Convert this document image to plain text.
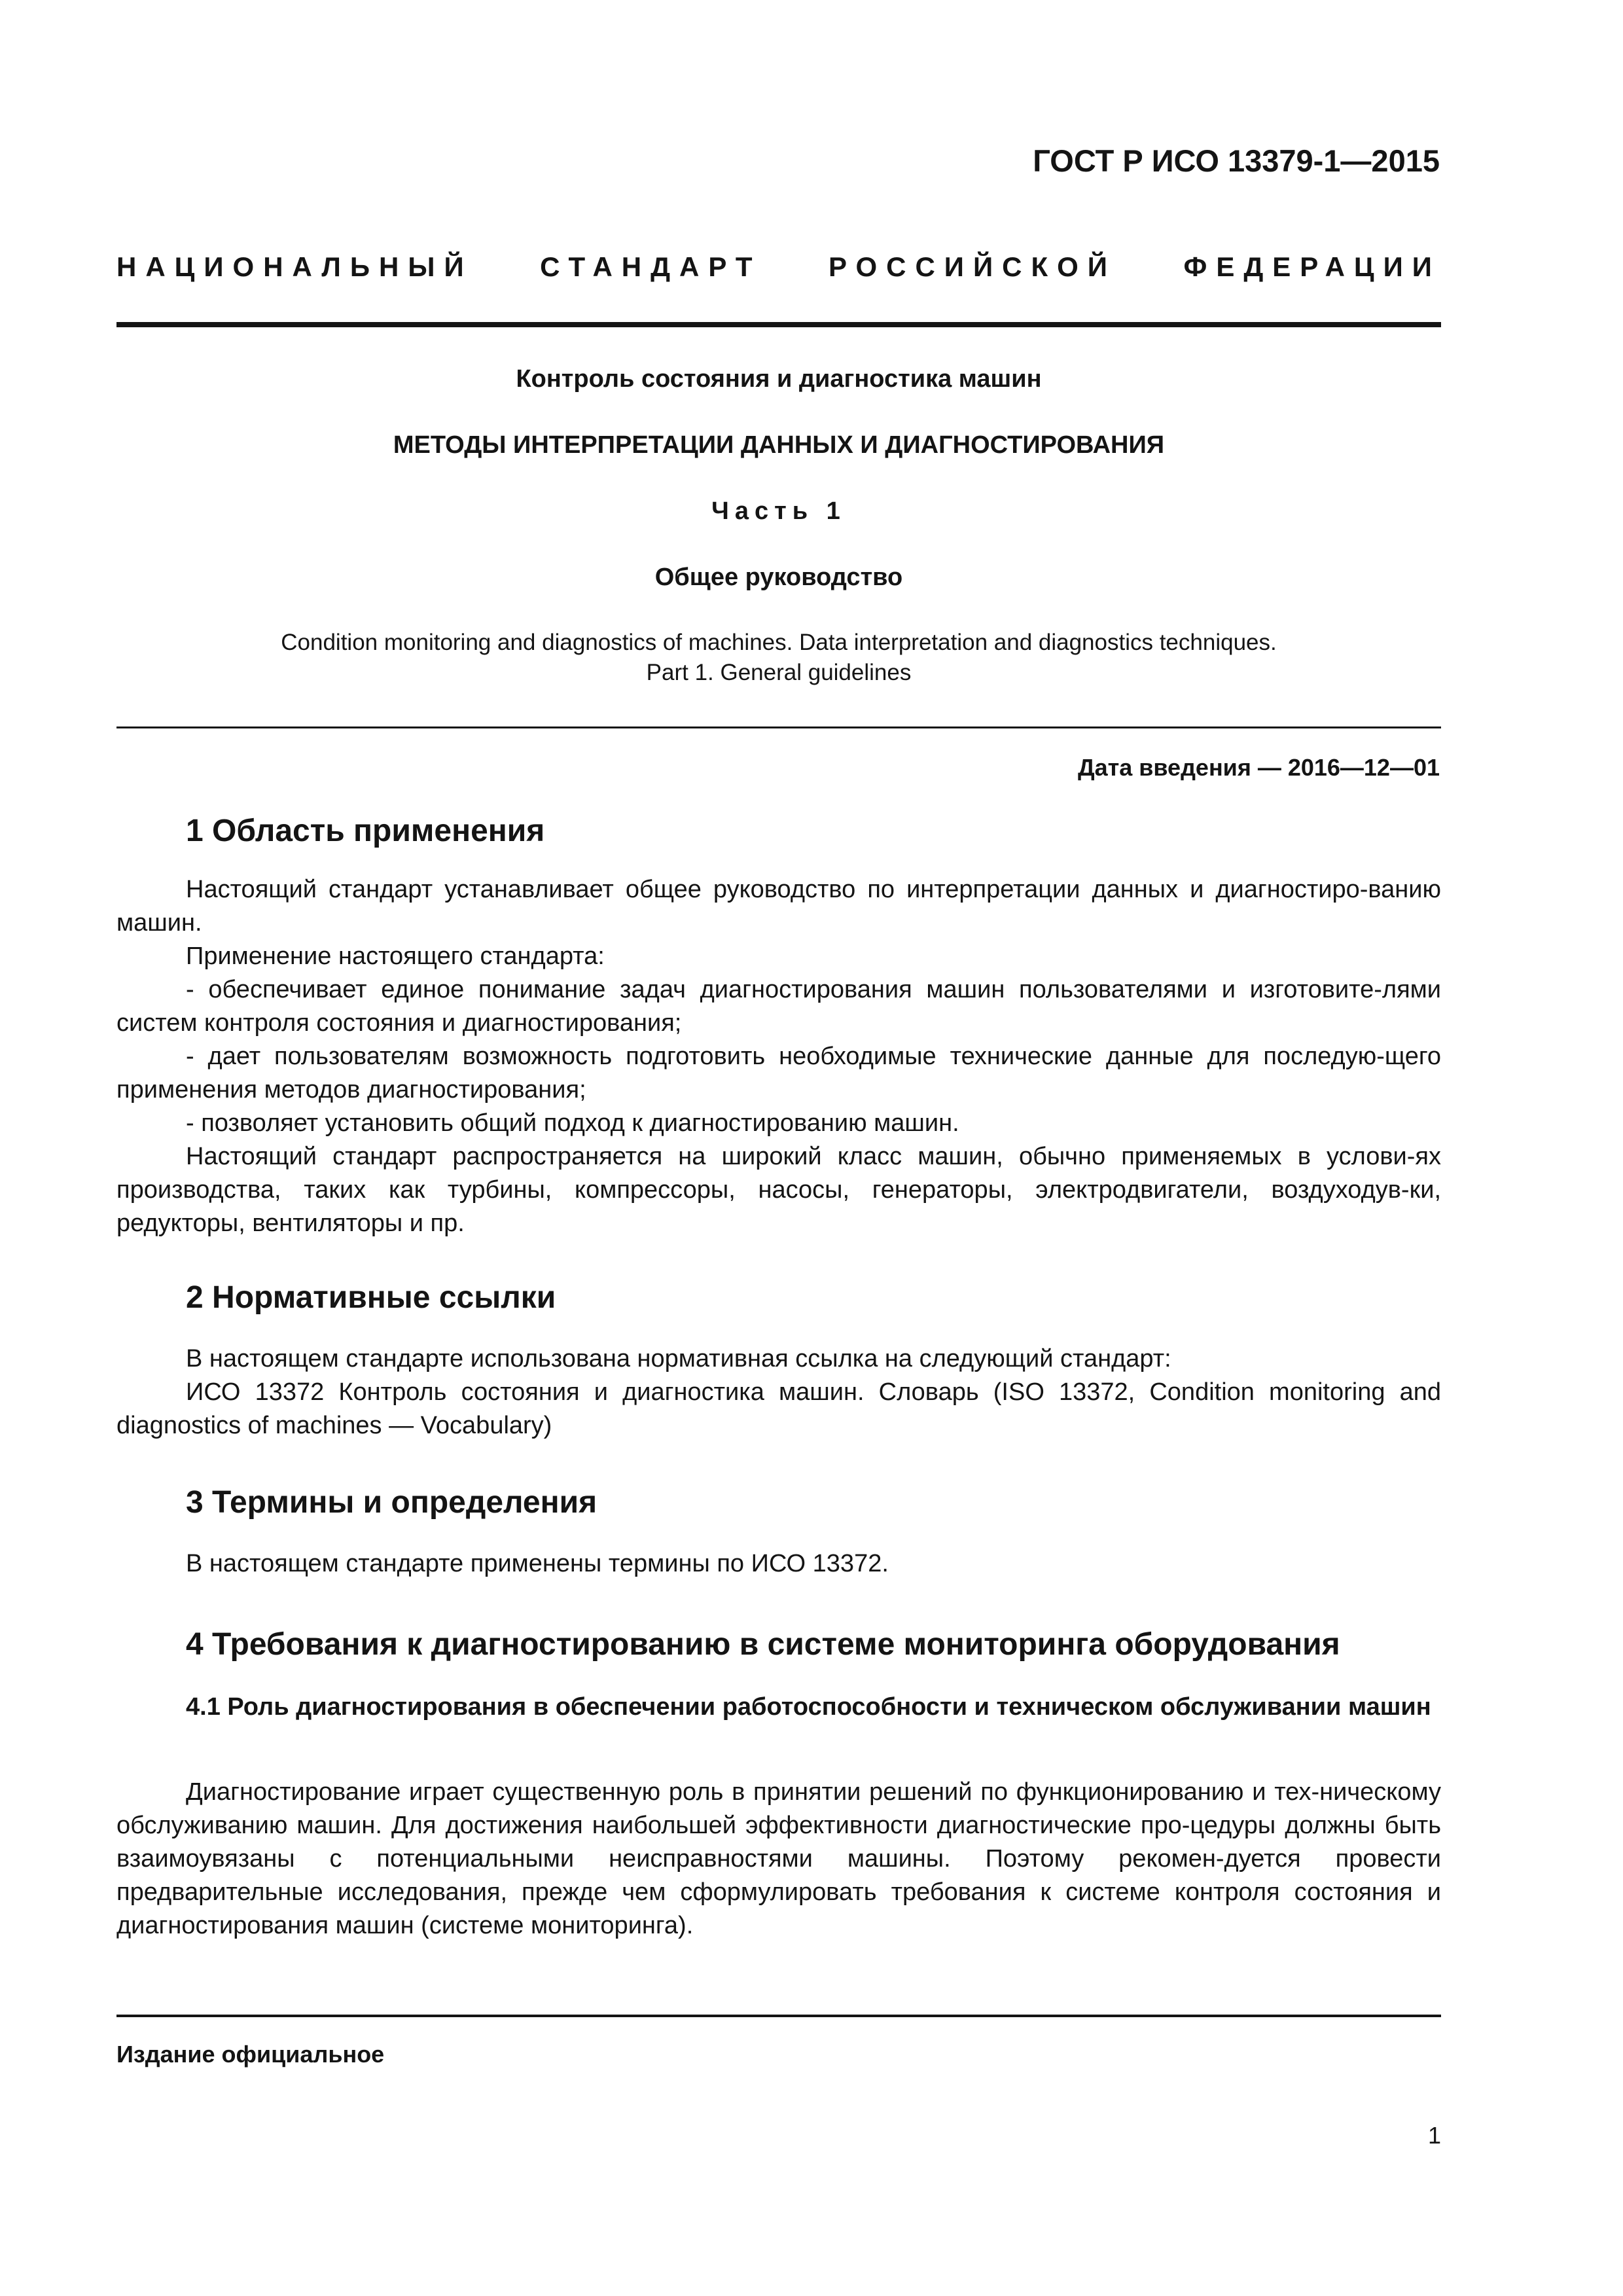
ГОСТ Р ИСО 13379-1—2015
НАЦИОНАЛЬНЫЙ СТАНДАРТ РОССИЙСКОЙ ФЕДЕРАЦИИ
Контроль состояния и диагностика машин
МЕТОДЫ ИНТЕРПРЕТАЦИИ ДАННЫХ И ДИАГНОСТИРОВАНИЯ
Часть 1
Общее руководство
Condition monitoring and diagnostics of machines. Data interpretation and diagnostics techniques.
Part 1. General guidelines
Дата введения — 2016—12—01
1 Область применения
Настоящий стандарт устанавливает общее руководство по интерпретации данных и диагностиро-ванию машин.
Применение настоящего стандарта:
- обеспечивает единое понимание задач диагностирования машин пользователями и изготовите-лями систем контроля состояния и диагностирования;
- дает пользователям возможность подготовить необходимые технические данные для последую-щего применения методов диагностирования;
- позволяет установить общий подход к диагностированию машин.
Настоящий стандарт распространяется на широкий класс машин, обычно применяемых в услови-ях производства, таких как турбины, компрессоры, насосы, генераторы, электродвигатели, воздуходув-ки, редукторы, вентиляторы и пр.
2 Нормативные ссылки
В настоящем стандарте использована нормативная ссылка на следующий стандарт:
ИСО 13372 Контроль состояния и диагностика машин. Словарь (ISO 13372, Condition monitoring and diagnostics of machines — Vocabulary)
3 Термины и определения
В настоящем стандарте применены термины по ИСО 13372.
4 Требования к диагностированию в системе мониторинга оборудования
4.1 Роль диагностирования в обеспечении работоспособности и техническом обслуживании машин
Диагностирование играет существенную роль в принятии решений по функционированию и тех-ническому обслуживанию машин. Для достижения наибольшей эффективности диагностические про-цедуры должны быть взаимоувязаны с потенциальными неисправностями машины. Поэтому рекомен-дуется провести предварительные исследования, прежде чем сформулировать требования к системе контроля состояния и диагностирования машин (системе мониторинга).
Издание официальное
1
